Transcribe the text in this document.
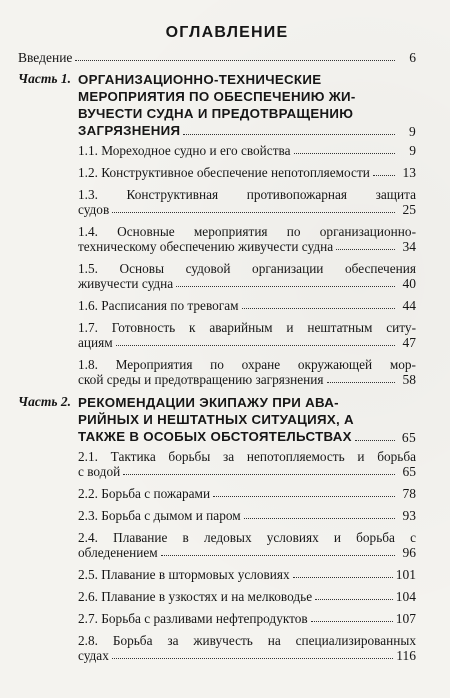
ОГЛАВЛЕНИЕ
Введение	6
Часть 1. ОРГАНИЗАЦИОННО-ТЕХНИЧЕСКИЕ
МЕРОПРИЯТИЯ ПО ОБЕСПЕЧЕНИЮ ЖИ-
ВУЧЕСТИ СУДНА И ПРЕДОТВРАЩЕНИЮ
ЗАГРЯЗНЕНИЯ	9
1.1. Мореходное судно и его свойства	9
1.2. Конструктивное обеспечение непотопляемости	13
1.3. Конструктивная противопожарная защита
судов	25
1.4. Основные мероприятия по организационно-
техническому обеспечению живучести судна	34
1.5. Основы судовой организации обеспечения
живучести судна	40
1.6. Расписания по тревогам	44
1.7. Готовность к аварийным и нештатным ситу-
ациям	47
1.8. Мероприятия по охране окружающей мор-
ской среды и предотвращению загрязнения	58
Часть 2. РЕКОМЕНДАЦИИ ЭКИПАЖУ ПРИ АВА-
РИЙНЫХ И НЕШТАТНЫХ СИТУАЦИЯХ, А
ТАКЖЕ В ОСОБЫХ ОБСТОЯТЕЛЬСТВАХ	65
2.1. Тактика борьбы за непотопляемость и борьба
с водой	65
2.2. Борьба с пожарами	78
2.3. Борьба с дымом и паром	93
2.4. Плавание в ледовых условиях и борьба с
обледенением	96
2.5. Плавание в штормовых условиях	101
2.6. Плавание в узкостях и на мелководье	104
2.7. Борьба с разливами нефтепродуктов	107
2.8. Борьба за живучесть на специализированных
судах	116
